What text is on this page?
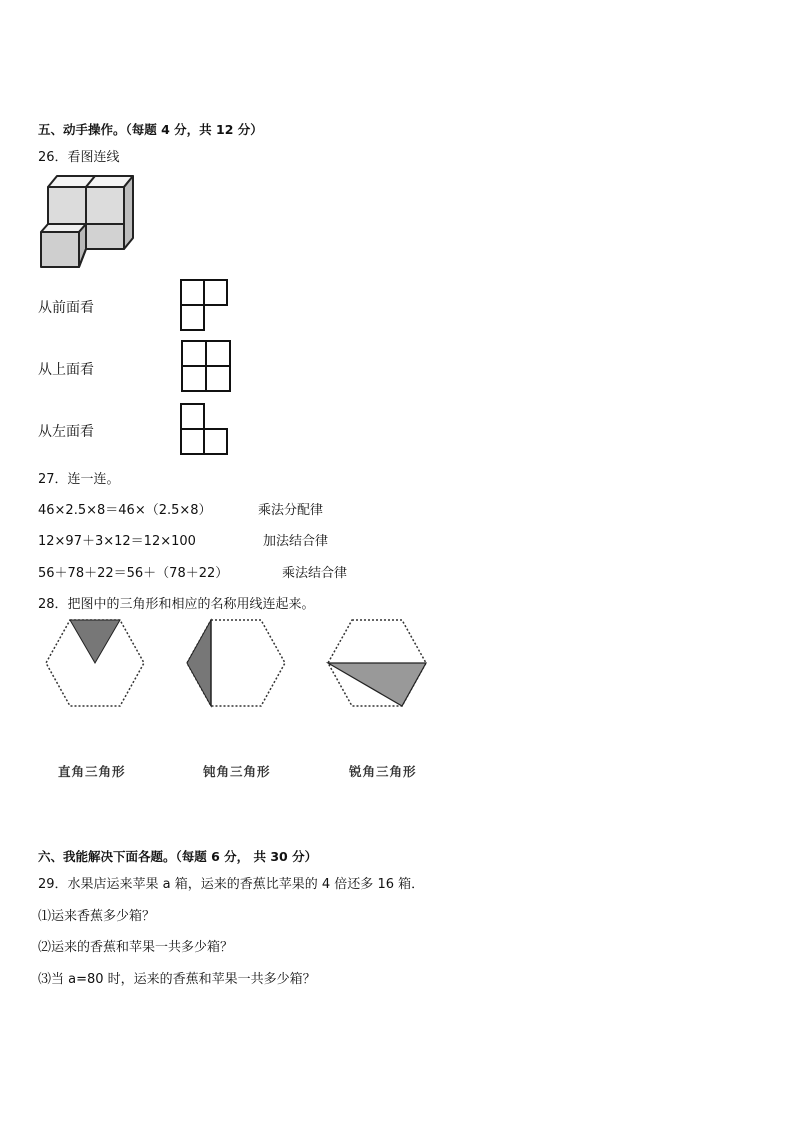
五、动手操作。（每题 4 分，共 12 分）
26．看图连线
从前面看
从上面看
从左面看
27．连一连。
46×2.5×8＝46×（2.5×8）
12×97＋3×12＝12×100
56＋78＋22＝56＋（78＋22）
乘法分配律
加法结合律
乘法结合律
28．把图中的三角形和相应的名称用线连起来。
直角三角形	钝角三角形	锐角三角形
六、我能解决下面各题。（每题 6 分， 共 30 分）
29．水果店运来苹果 a 箱，运来的香蕉比苹果的 4 倍还多 16 箱．
⑴运来香蕉多少箱？
⑵运来的香蕉和苹果一共多少箱？
⑶当 a=80 时，运来的香蕉和苹果一共多少箱？
